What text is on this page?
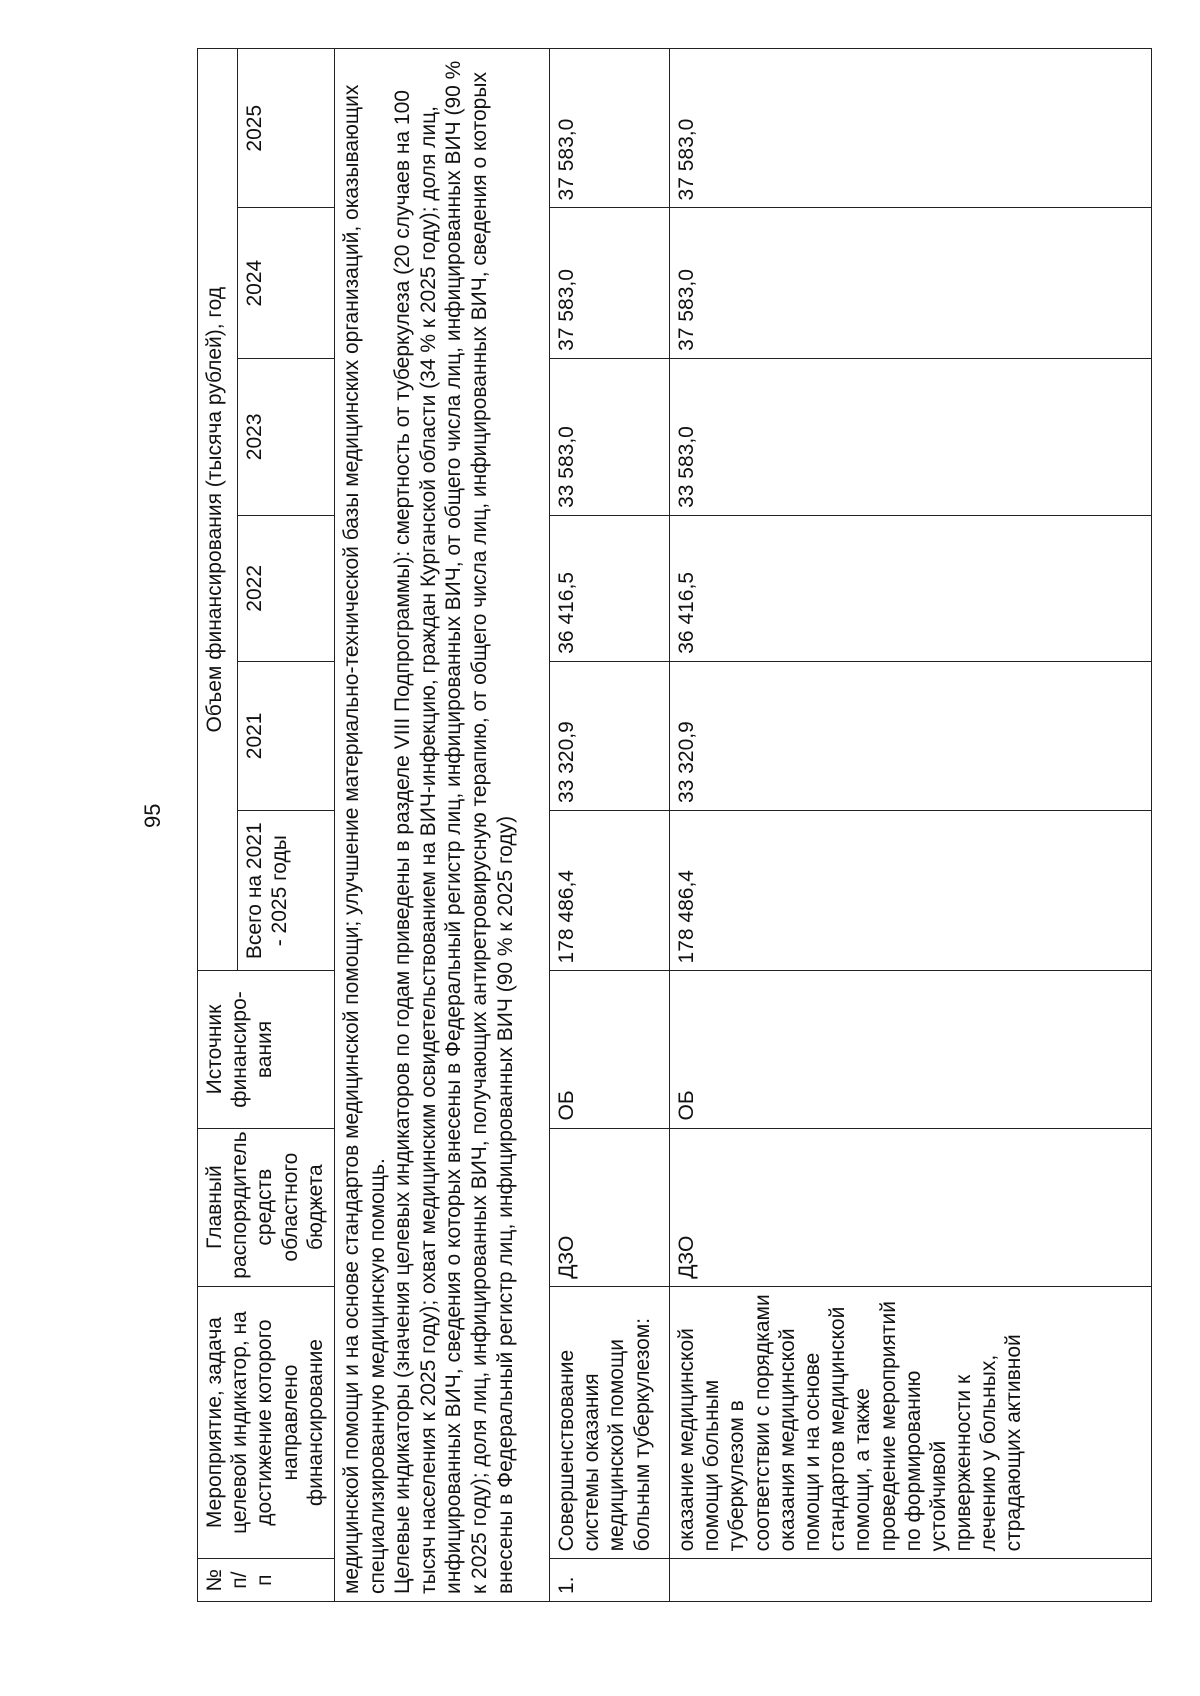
95
№ п/п	Мероприятие, задача целевой индикатор, на достижение которого направлено финансирование	Главный распорядитель средств областного бюджета	Источник финансиро-вания	Объем финансирования (тысяча рублей), год					
				Всего на 2021 - 2025 годы	2021	2022	2023	2024	2025

медицинской помощи и на основе стандартов медицинской помощи; улучшение материально-технической базы медицинских организаций, оказывающих специализированную медицинскую помощь. Целевые индикаторы (значения целевых индикаторов по годам приведены в разделе VIII Подпрограммы): смертность от туберкулеза (20 случаев на 100 тысяч населения к 2025 году); охват медицинским освидетельствованием на ВИЧ-инфекцию, граждан Курганской области (34 % к 2025 году); доля лиц, инфицированных ВИЧ, сведения о которых внесены в Федеральный регистр лиц, инфицированных ВИЧ, от общего числа лиц, инфицированных ВИЧ (90 % к 2025 году); доля лиц, инфицированных ВИЧ, получающих антиретровирусную терапию, от общего числа лиц, инфицированных ВИЧ, сведения о которых внесены в Федеральный регистр лиц, инфицированных ВИЧ (90 % к 2025 году)									

1.	Совершенствование системы оказания медицинской помощи больным туберкулезом:	ДЗО	ОБ	178 486,4	33 320,9	36 416,5	33 583,0	37 583,0	37 583,0
	оказание медицинской помощи больным туберкулезом в соответствии с порядками оказания медицинской помощи и на основе стандартов медицинской помощи, а также проведение мероприятий по формированию устойчивой приверженности к лечению у больных, страдающих активной	ДЗО	ОБ	178 486,4	33 320,9	36 416,5	33 583,0	37 583,0	37 583,0
